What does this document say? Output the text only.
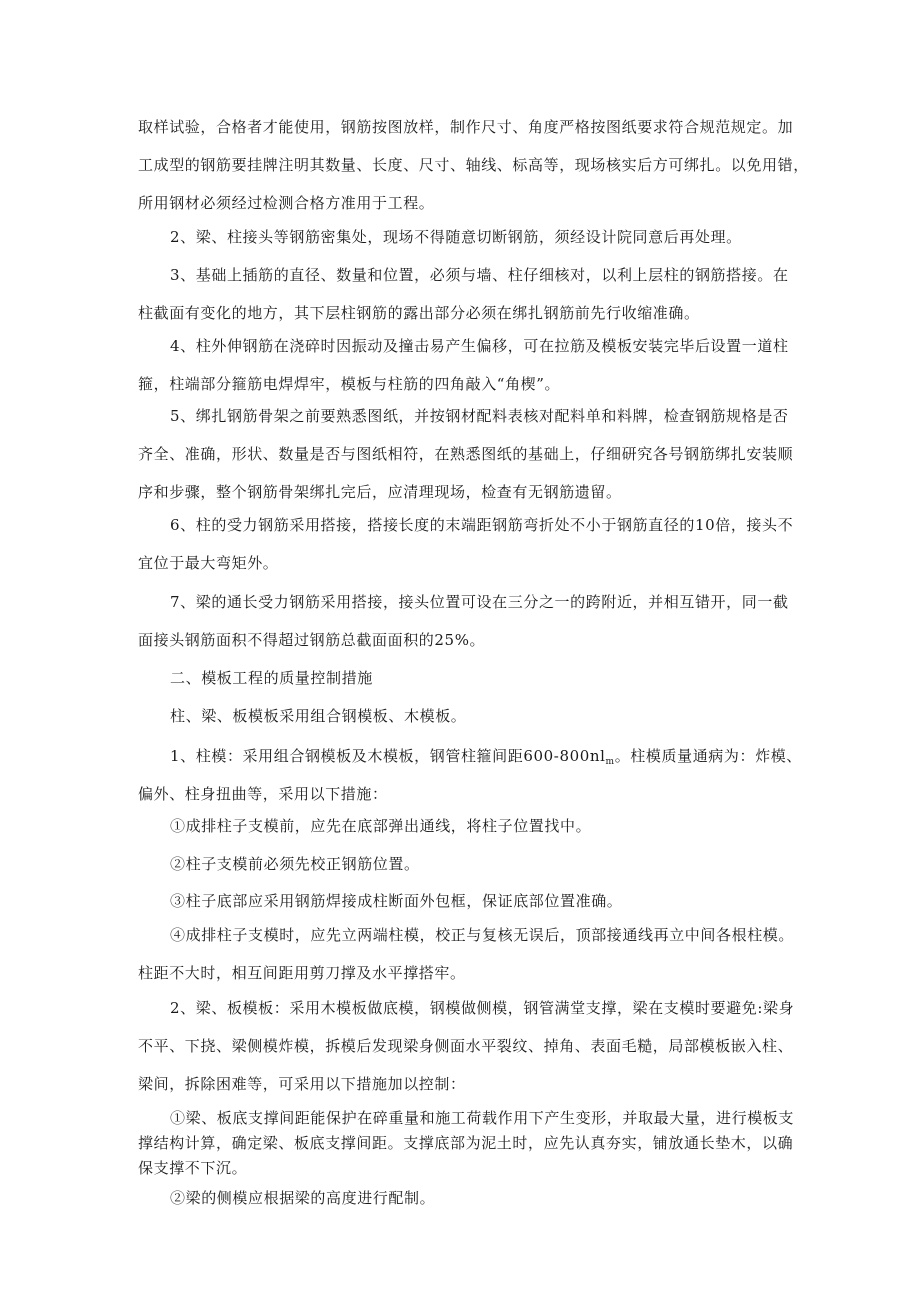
取样试验，合格者才能使用，钢筋按图放样，制作尺寸、角度严格按图纸要求符合规范规定。加
工成型的钢筋要挂牌注明其数量、长度、尺寸、轴线、标高等，现场核实后方可绑扎。以免用错，
所用钢材必须经过检测合格方准用于工程。
2、梁、柱接头等钢筋密集处，现场不得随意切断钢筋，须经设计院同意后再处理。
3、基础上插筋的直径、数量和位置，必须与墙、柱仔细核对，以利上层柱的钢筋搭接。在
柱截面有变化的地方，其下层柱钢筋的露出部分必须在绑扎钢筋前先行收缩准确。
4、柱外伸钢筋在浇碎时因振动及撞击易产生偏移，可在拉筋及模板安装完毕后设置一道柱
箍，柱端部分箍筋电焊焊牢，模板与柱筋的四角敲入“角楔”。
5、绑扎钢筋骨架之前要熟悉图纸，并按钢材配料表核对配料单和料牌，检查钢筋规格是否
齐全、准确，形状、数量是否与图纸相符，在熟悉图纸的基础上，仔细研究各号钢筋绑扎安装顺
序和步骤，整个钢筋骨架绑扎完后，应清理现场，检查有无钢筋遗留。
6、柱的受力钢筋采用搭接，搭接长度的末端距钢筋弯折处不小于钢筋直径的10倍，接头不
宜位于最大弯矩外。
7、梁的通长受力钢筋采用搭接，接头位置可设在三分之一的跨附近，并相互错开，同一截
面接头钢筋面积不得超过钢筋总截面面积的25%。
二、模板工程的质量控制措施
柱、梁、板模板采用组合钢模板、木模板。
1、柱模：采用组合钢模板及木模板，钢管柱箍间距$600-800nl_m$。柱模质量通病为：炸模、
偏外、柱身扭曲等，采用以下措施：
①成排柱子支模前，应先在底部弹出通线，将柱子位置找中。
②柱子支模前必须先校正钢筋位置。
③柱子底部应采用钢筋焊接成柱断面外包框，保证底部位置准确。
④成排柱子支模时，应先立两端柱模，校正与复核无误后，顶部接通线再立中间各根柱模。
柱距不大时，相互间距用剪刀撑及水平撑搭牢。
2、梁、板模板：采用木模板做底模，钢模做侧模，钢管满堂支撑，梁在支模时要避免:梁身
不平、下挠、梁侧模炸模，拆模后发现梁身侧面水平裂纹、掉角、表面毛糙，局部模板嵌入柱、
梁间，拆除困难等，可采用以下措施加以控制：
①梁、板底支撑间距能保护在碎重量和施工荷载作用下产生变形，并取最大量，进行模板支
撑结构计算，确定梁、板底支撑间距。支撑底部为泥土时，应先认真夯实，铺放通长垫木，以确
保支撑不下沉。
②梁的侧模应根据梁的高度进行配制。
